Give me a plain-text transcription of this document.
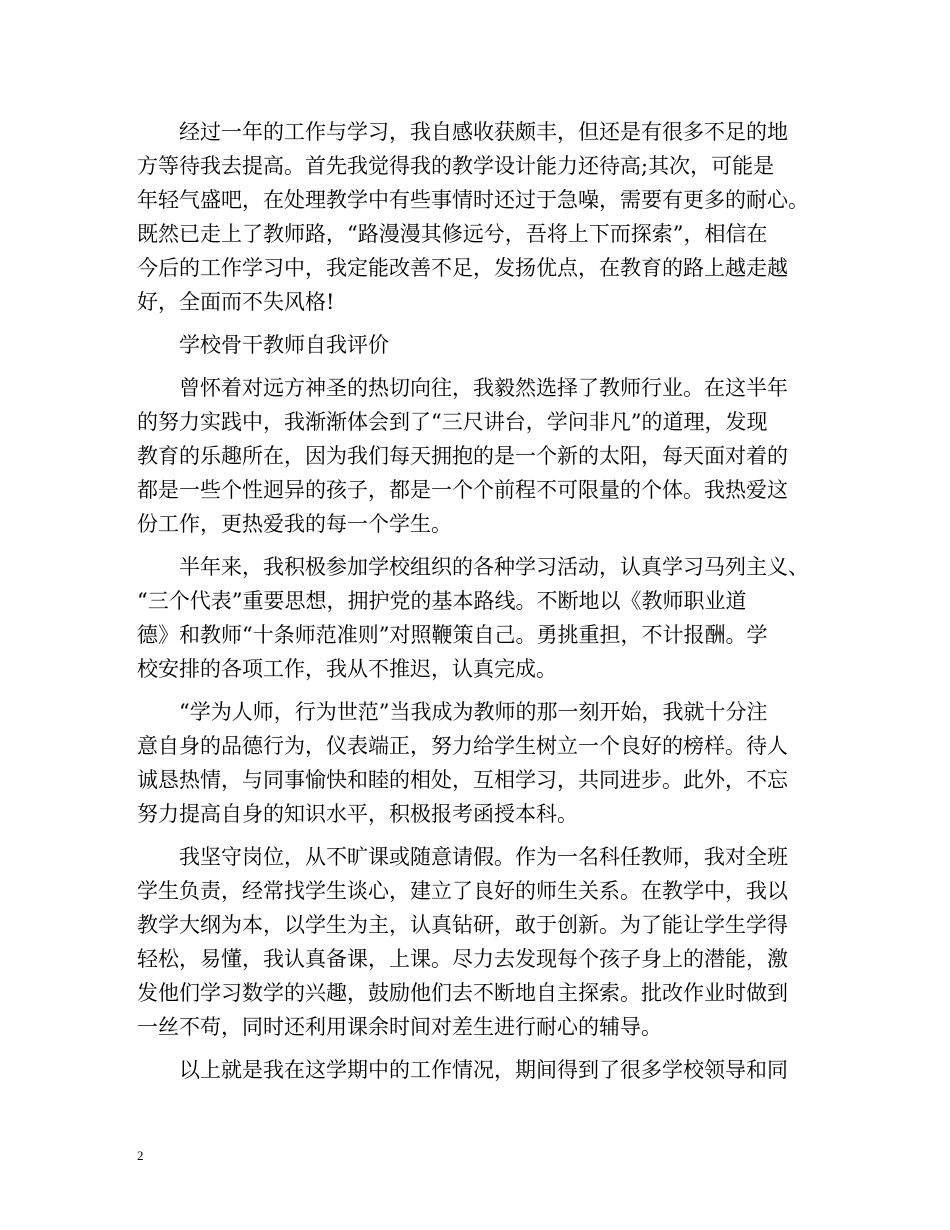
经过一年的工作与学习，我自感收获颇丰，但还是有很多不足的地
方等待我去提高。首先我觉得我的教学设计能力还待高;其次，可能是
年轻气盛吧，在处理教学中有些事情时还过于急噪，需要有更多的耐心。
既然已走上了教师路，“路漫漫其修远兮，吾将上下而探索”，相信在
今后的工作学习中，我定能改善不足，发扬优点，在教育的路上越走越
好，全面而不失风格!
学校骨干教师自我评价
曾怀着对远方神圣的热切向往，我毅然选择了教师行业。在这半年
的努力实践中，我渐渐体会到了“三尺讲台，学问非凡”的道理，发现
教育的乐趣所在，因为我们每天拥抱的是一个新的太阳，每天面对着的
都是一些个性迥异的孩子，都是一个个前程不可限量的个体。我热爱这
份工作，更热爱我的每一个学生。
半年来，我积极参加学校组织的各种学习活动，认真学习马列主义、
“三个代表”重要思想，拥护党的基本路线。不断地以《教师职业道
德》和教师“十条师范准则”对照鞭策自己。勇挑重担，不计报酬。学
校安排的各项工作，我从不推迟，认真完成。
“学为人师，行为世范”当我成为教师的那一刻开始，我就十分注
意自身的品德行为，仪表端正，努力给学生树立一个良好的榜样。待人
诚恳热情，与同事愉快和睦的相处，互相学习，共同进步。此外，不忘
努力提高自身的知识水平，积极报考函授本科。
我坚守岗位，从不旷课或随意请假。作为一名科任教师，我对全班
学生负责，经常找学生谈心，建立了良好的师生关系。在教学中，我以
教学大纲为本，以学生为主，认真钻研，敢于创新。为了能让学生学得
轻松，易懂，我认真备课，上课。尽力去发现每个孩子身上的潜能，激
发他们学习数学的兴趣，鼓励他们去不断地自主探索。批改作业时做到
一丝不苟，同时还利用课余时间对差生进行耐心的辅导。
以上就是我在这学期中的工作情况，期间得到了很多学校领导和同
2
